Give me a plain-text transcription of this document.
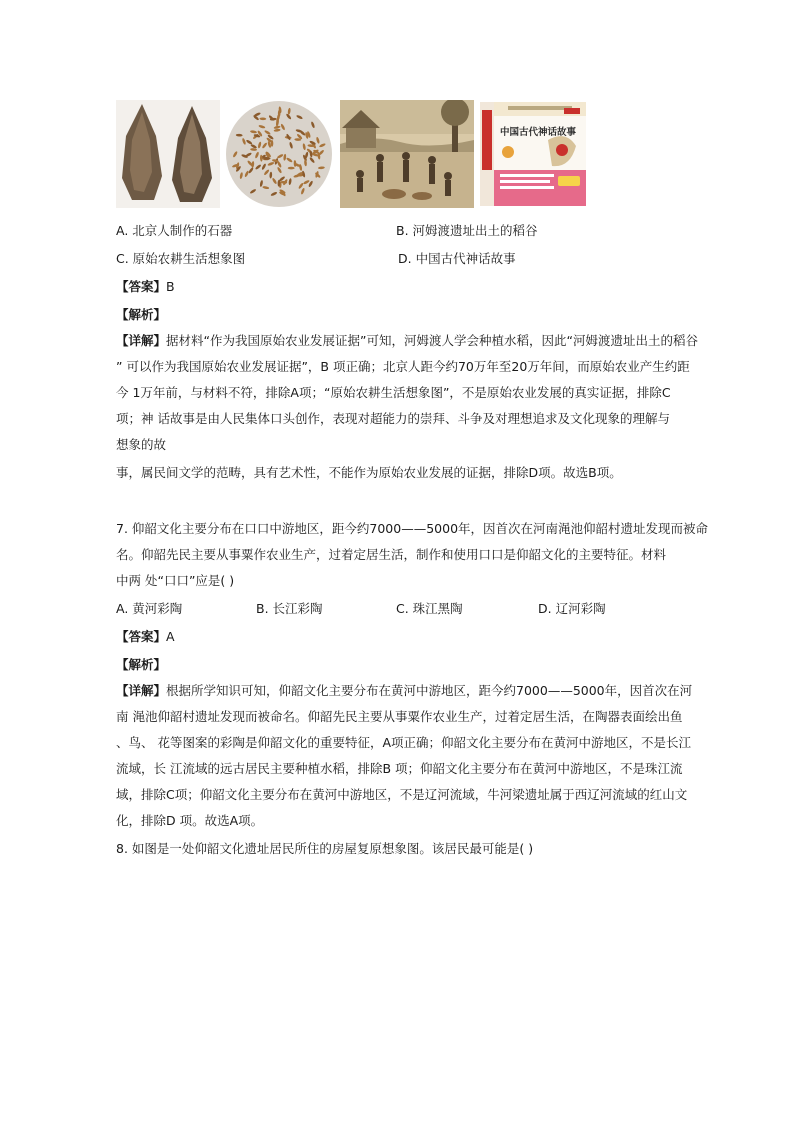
中国古代神话故事
A. 北京人制作的石器	B. 河姆渡遗址出土的稻谷
C. 原始农耕生活想象图	D. 中国古代神话故事
【答案】B
【解析】
【详解】据材料“作为我国原始农业发展证据”可知，河姆渡人学会种植水稻，因此“河姆渡遗址出土的稻谷
” 可以作为我国原始农业发展证据”，B 项正确；北京人距今约70万年至20万年间，而原始农业产生约距
今 1万年前，与材料不符，排除A项；“原始农耕生活想象图”，不是原始农业发展的真实证据，排除C
项；神 话故事是由人民集体口头创作，表现对超能力的崇拜、斗争及对理想追求及文化现象的理解与
想象的故
事，属民间文学的范畴，具有艺术性，不能作为原始农业发展的证据，排除D项。故选B项。
7. 仰韶文化主要分布在口口中游地区，距今约7000——5000年，因首次在河南渑池仰韶村遗址发现而被命
名。仰韶先民主要从事粟作农业生产，过着定居生活，制作和使用口口是仰韶文化的主要特征。材料
中两 处“口口”应是( )
A. 黄河彩陶	B. 长江彩陶	C. 珠江黑陶	D. 辽河彩陶
【答案】A
【解析】
【详解】根据所学知识可知，仰韶文化主要分布在黄河中游地区，距今约7000——5000年，因首次在河
南 渑池仰韶村遗址发现而被命名。仰韶先民主要从事粟作农业生产，过着定居生活，在陶器表面绘出鱼
、鸟、 花等图案的彩陶是仰韶文化的重要特征，A项正确；仰韶文化主要分布在黄河中游地区，不是长江
流域，长 江流域的远古居民主要种植水稻，排除B 项；仰韶文化主要分布在黄河中游地区，不是珠江流
域，排除C项；仰韶文化主要分布在黄河中游地区，不是辽河流域，牛河梁遗址属于西辽河流域的红山文
化，排除D 项。故选A项。
8. 如图是一处仰韶文化遗址居民所住的房屋复原想象图。该居民最可能是( )
